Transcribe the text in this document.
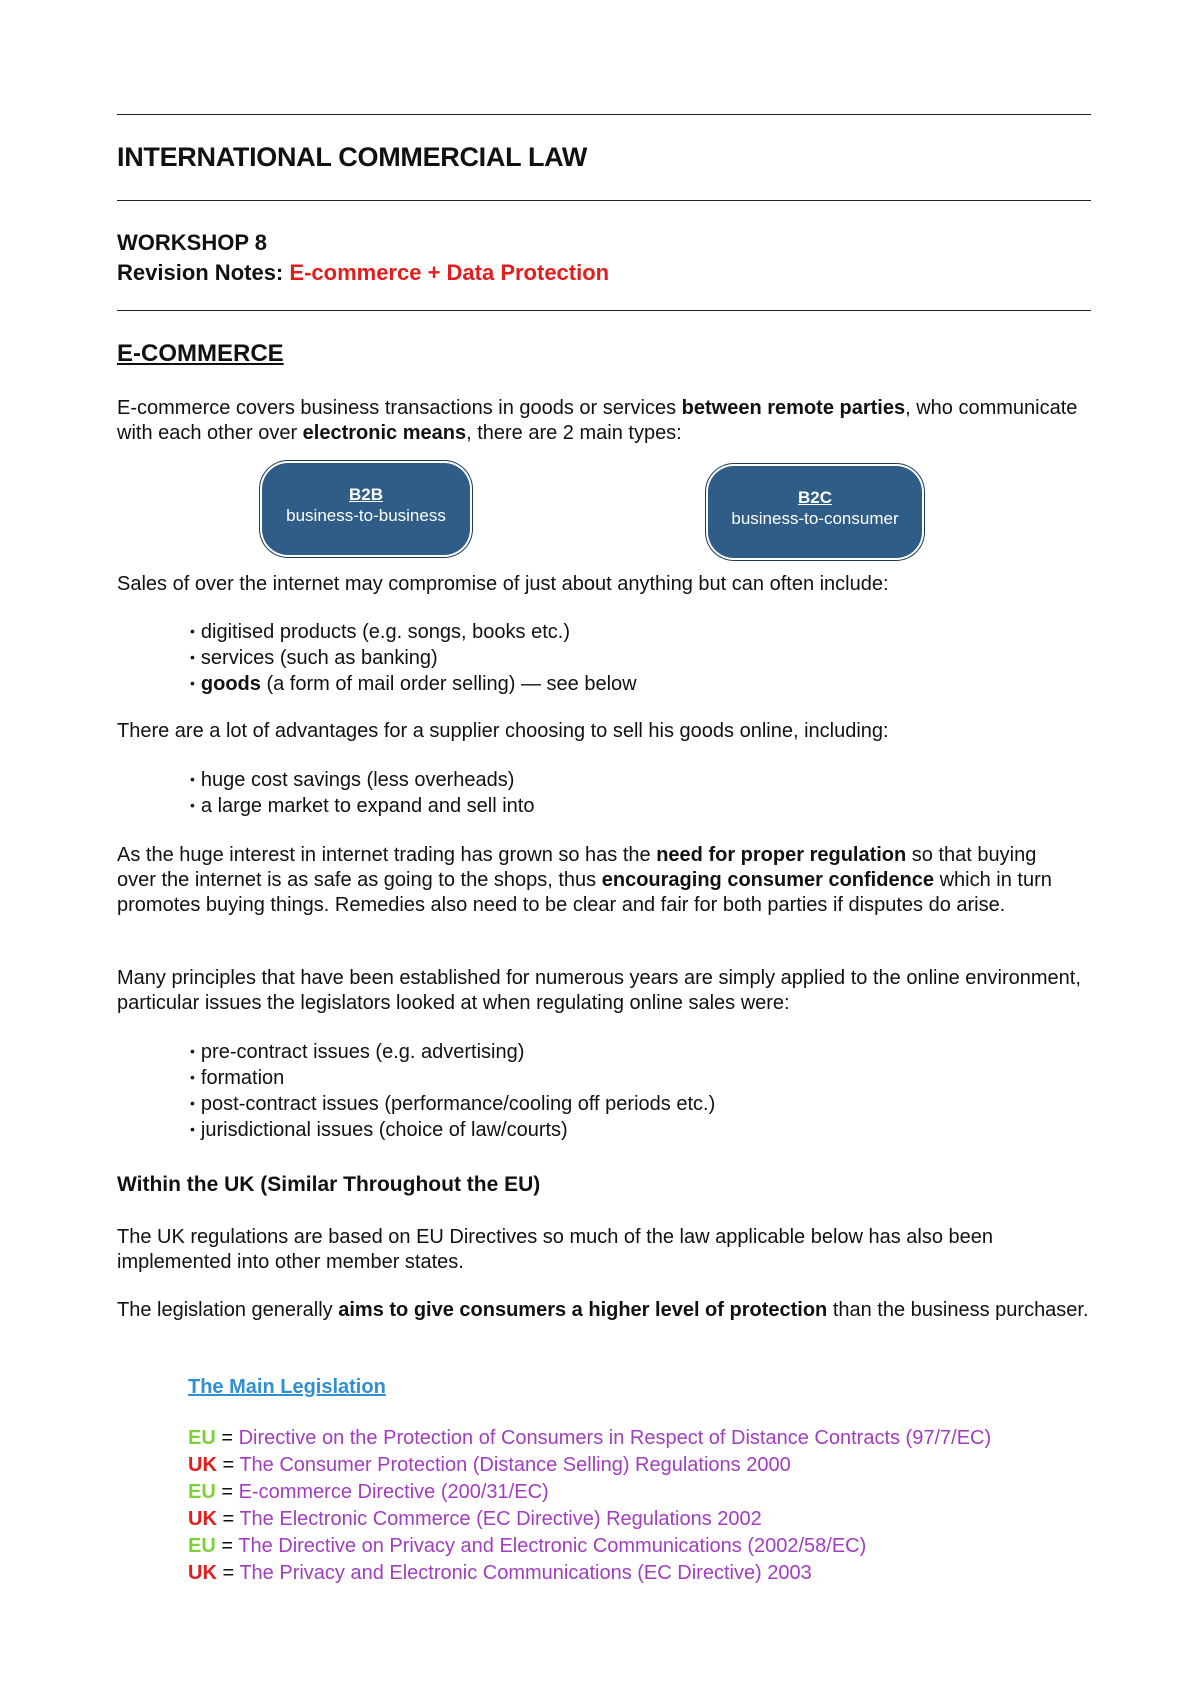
INTERNATIONAL COMMERCIAL LAW
WORKSHOP 8
Revision Notes: E-commerce + Data Protection
E-COMMERCE

E-commerce covers business transactions in goods or services between remote parties, who communicate with each other over electronic means, there are 2 main types:

B2B
business-to-business
B2C
business-to-consumer

Sales of over the internet may compromise of just about anything but can often include:

• digitised products (e.g. songs, books etc.)
• services (such as banking)
• goods (a form of mail order selling) — see below

There are a lot of advantages for a supplier choosing to sell his goods online, including:

• huge cost savings (less overheads)
• a large market to expand and sell into

As the huge interest in internet trading has grown so has the need for proper regulation so that buying over the internet is as safe as going to the shops, thus encouraging consumer confidence which in turn promotes buying things. Remedies also need to be clear and fair for both parties if disputes do arise.

Many principles that have been established for numerous years are simply applied to the online environment, particular issues the legislators looked at when regulating online sales were:

• pre-contract issues (e.g. advertising)
• formation
• post-contract issues (performance/cooling off periods etc.)
• jurisdictional issues (choice of law/courts)
Within the UK (Similar Throughout the EU)

The UK regulations are based on EU Directives so much of the law applicable below has also been implemented into other member states.

The legislation generally aims to give consumers a higher level of protection than the business purchaser.

The Main Legislation
EU = Directive on the Protection of Consumers in Respect of Distance Contracts (97/7/EC)
UK = The Consumer Protection (Distance Selling) Regulations 2000
EU = E-commerce Directive (200/31/EC)
UK = The Electronic Commerce (EC Directive) Regulations 2002
EU = The Directive on Privacy and Electronic Communications (2002/58/EC)
UK = The Privacy and Electronic Communications (EC Directive) 2003
